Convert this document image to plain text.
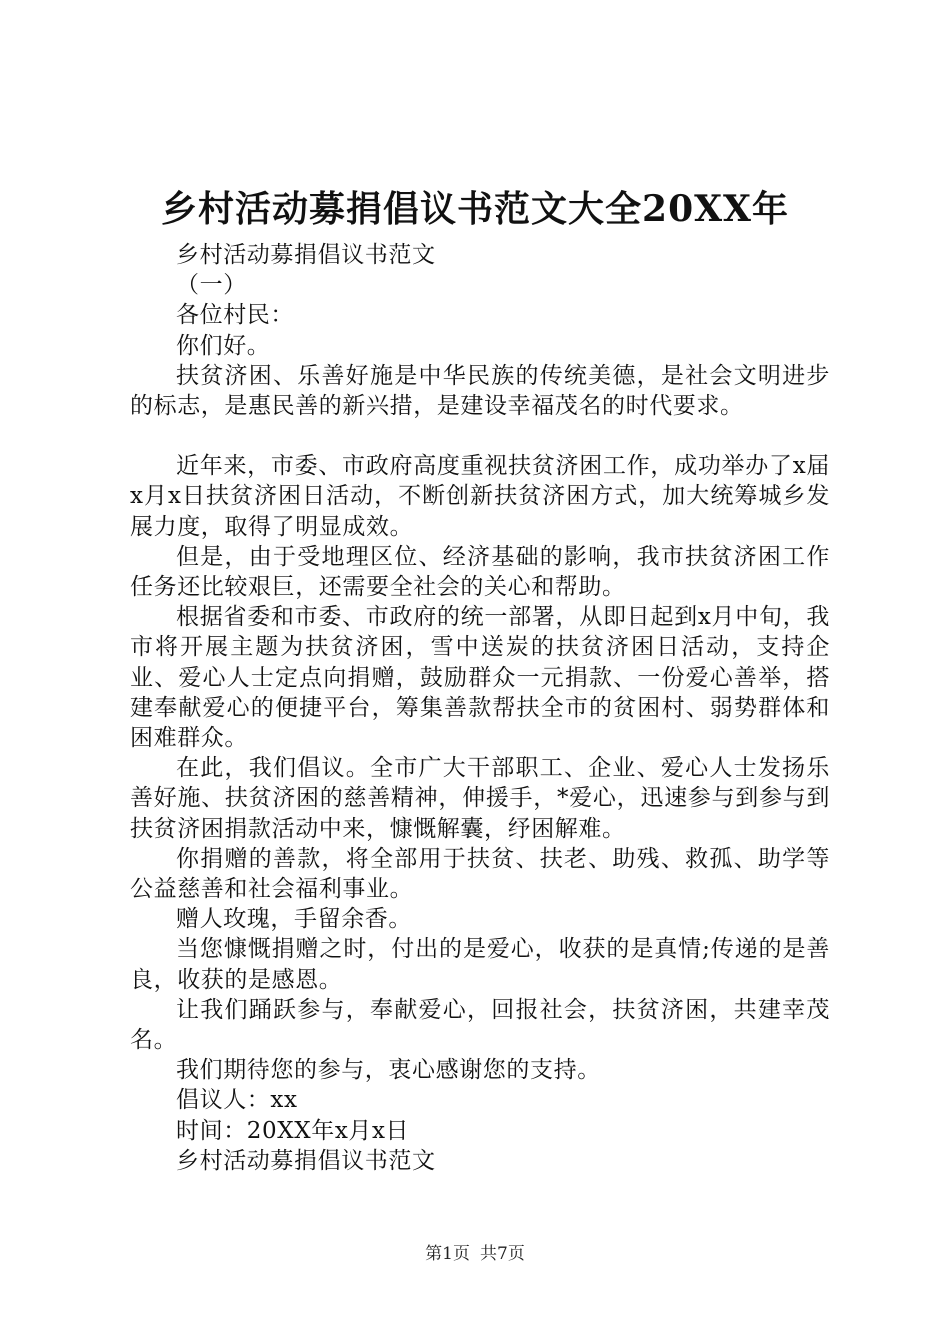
乡村活动募捐倡议书范文大全20XX年

乡村活动募捐倡议书范文

（一）

各位村民：

你们好。

扶贫济困、乐善好施是中华民族的传统美德，是社会文明进步的标志，是惠民善的新兴措，是建设幸福茂名的时代要求。

近年来，市委、市政府高度重视扶贫济困工作，成功举办了x届x月x日扶贫济困日活动，不断创新扶贫济困方式，加大统筹城乡发展力度，取得了明显成效。

但是，由于受地理区位、经济基础的影响，我市扶贫济困工作任务还比较艰巨，还需要全社会的关心和帮助。

根据省委和市委、市政府的统一部署，从即日起到x月中旬，我市将开展主题为扶贫济困，雪中送炭的扶贫济困日活动，支持企业、爱心人士定点向捐赠，鼓励群众一元捐款、一份爱心善举，搭建奉献爱心的便捷平台，筹集善款帮扶全市的贫困村、弱势群体和困难群众。

在此，我们倡议。全市广大干部职工、企业、爱心人士发扬乐善好施、扶贫济困的慈善精神，伸援手，*爱心，迅速参与到参与到扶贫济困捐款活动中来，慷慨解囊，纾困解难。

你捐赠的善款，将全部用于扶贫、扶老、助残、救孤、助学等公益慈善和社会福利事业。

赠人玫瑰，手留余香。

当您慷慨捐赠之时，付出的是爱心，收获的是真情;传递的是善良，收获的是感恩。

让我们踊跃参与，奉献爱心，回报社会，扶贫济困，共建幸茂名。

我们期待您的参与，衷心感谢您的支持。

倡议人：xx

时间：20XX年x月x日

乡村活动募捐倡议书范文

第1页 共7页
